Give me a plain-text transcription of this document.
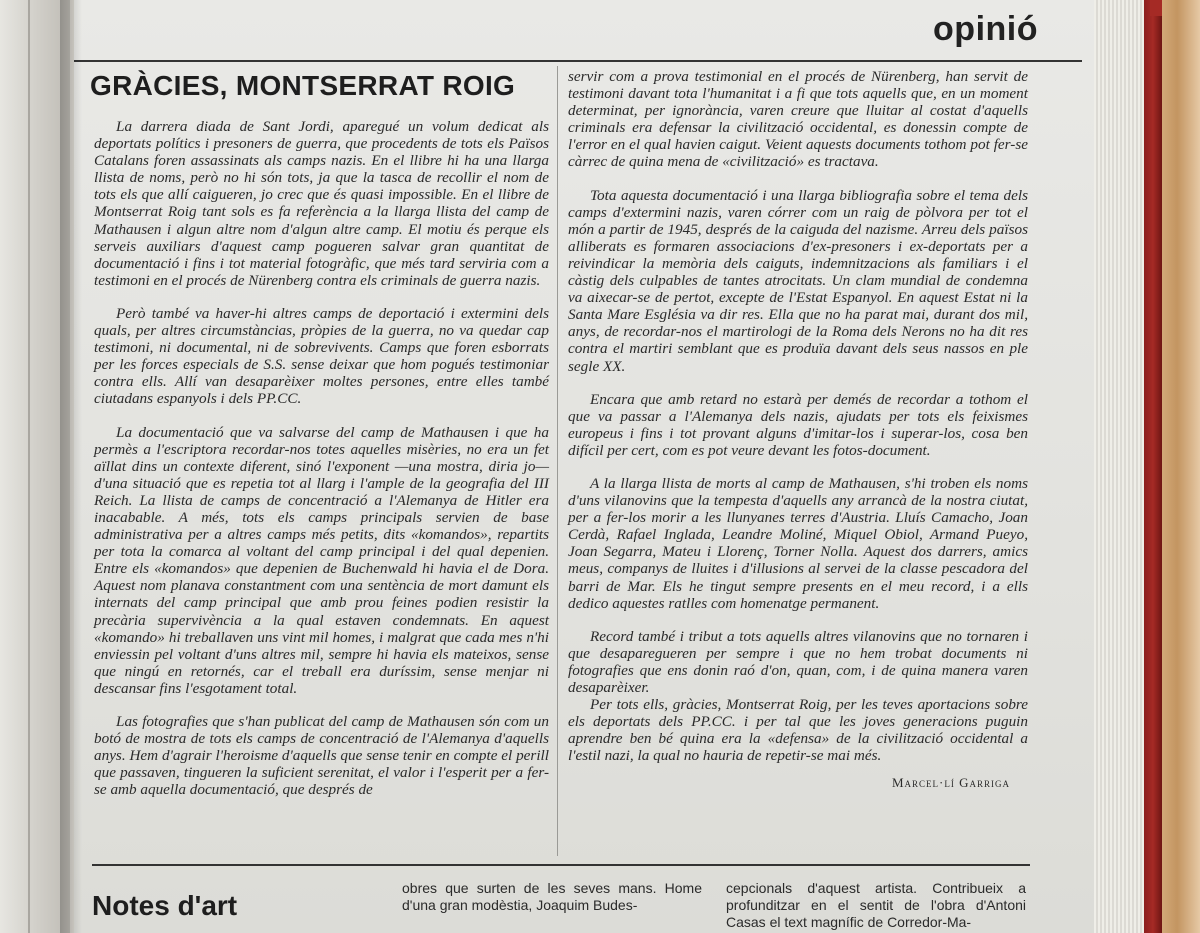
opinió
GRÀCIES, MONTSERRAT ROIG

La darrera diada de Sant Jordi, aparegué un volum dedicat als deportats polítics i presoners de guerra, que procedents de tots els Països Catalans foren assassinats als camps nazis. En el llibre hi ha una llarga llista de noms, però no hi són tots, ja que la tasca de recollir el nom de tots els que allí caigueren, jo crec que és quasi impossible. En el llibre de Montserrat Roig tant sols es fa referència a la llarga llista del camp de Mathausen i algun altre nom d'algun altre camp. El motiu és perque els serveis auxiliars d'aquest camp pogueren salvar gran quantitat de documentació i fins i tot material fotogràfic, que més tard serviria com a testimoni en el procés de Nürenberg contra els criminals de guerra nazis.

Però també va haver-hi altres camps de deportació i extermini dels quals, per altres circumstàncias, pròpies de la guerra, no va quedar cap testimoni, ni documental, ni de sobrevivents. Camps que foren esborrats per les forces especials de S.S. sense deixar que hom pogués testimoniar contra ells. Allí van desaparèixer moltes persones, entre elles també ciutadans espanyols i dels PP.CC.

La documentació que va salvarse del camp de Mathausen i que ha permès a l'escriptora recordar-nos totes aquelles misèries, no era un fet aïllat dins un contexte diferent, sinó l'exponent —una mostra, diria jo— d'una situació que es repetia tot al llarg i l'ample de la geografia del III Reich. La llista de camps de concentració a l'Alemanya de Hitler era inacabable. A més, tots els camps principals servien de base administrativa per a altres camps més petits, dits «komandos», repartits per tota la comarca al voltant del camp principal i del qual depenien. Entre els «komandos» que depenien de Buchenwald hi havia el de Dora. Aquest nom planava constantment com una sentència de mort damunt els internats del camp principal que amb prou feines podien resistir la precària supervivència a la qual estaven condemnats. En aquest «komando» hi treballaven uns vint mil homes, i malgrat que cada mes n'hi enviessin pel voltant d'uns altres mil, sempre hi havia els mateixos, sense que ningú en retornés, car el treball era duríssim, sense menjar ni descansar fins l'esgotament total.

Las fotografies que s'han publicat del camp de Mathausen són com un botó de mostra de tots els camps de concentració de l'Alemanya d'aquells anys. Hem d'agrair l'heroisme d'aquells que sense tenir en compte el perill que passaven, tingueren la suficient serenitat, el valor i l'esperit per a fer-se amb aquella documentació, que després de

servir com a prova testimonial en el procés de Nürenberg, han servit de testimoni davant tota l'humanitat i a fi que tots aquells que, en un moment determinat, per ignorància, varen creure que lluitar al costat d'aquells criminals era defensar la civilització occidental, es donessin compte de l'error en el qual havien caigut. Veient aquests documents tothom pot fer-se càrrec de quina mena de «civilització» es tractava.

Tota aquesta documentació i una llarga bibliografia sobre el tema dels camps d'extermini nazis, varen córrer com un raig de pòlvora per tot el món a partir de 1945, després de la caiguda del nazisme. Arreu dels països alliberats es formaren associacions d'ex-presoners i ex-deportats per a reivindicar la memòria dels caiguts, indemnitzacions als familiars i el càstig dels culpables de tantes atrocitats. Un clam mundial de condemna va aixecar-se de pertot, excepte de l'Estat Espanyol. En aquest Estat ni la Santa Mare Església va dir res. Ella que no ha parat mai, durant dos mil, anys, de recordar-nos el martirologi de la Roma dels Nerons no ha dit res contra el martiri semblant que es produïa davant dels seus nassos en ple segle XX.

Encara que amb retard no estarà per demés de recordar a tothom el que va passar a l'Alemanya dels nazis, ajudats per tots els feixismes europeus i fins i tot provant alguns d'imitar-los i superar-los, cosa ben difícil per cert, com es pot veure devant les fotos-document.

A la llarga llista de morts al camp de Mathausen, s'hi troben els noms d'uns vilanovins que la tempesta d'aquells any arrancà de la nostra ciutat, per a fer-los morir a les llunyanes terres d'Austria. Lluís Camacho, Joan Cerdà, Rafael Inglada, Leandre Moliné, Miquel Obiol, Armand Pueyo, Joan Segarra, Mateu i Llorenç, Torner Nolla. Aquest dos darrers, amics meus, companys de lluites i d'illusions al servei de la classe pescadora del barri de Mar. Els he tingut sempre presents en el meu record, i a ells dedico aquestes ratlles com homenatge permanent.

Record també i tribut a tots aquells altres vilanovins que no tornaren i que desaparegueren per sempre i que no hem trobat documents ni fotografies que ens donin raó d'on, quan, com, i de quina manera varen desaparèixer.

Per tots ells, gràcies, Montserrat Roig, per les teves aportacions sobre els deportats dels PP.CC. i per tal que les joves generacions puguin aprendre ben bé quina era la «defensa» de la civilització occidental a l'estil nazi, la qual no hauria de repetir-se mai més.

Marcel·lí Garriga
Notes d'art
obres que surten de les seves mans. Home d'una gran modèstia, Joaquim Budes-
cepcionals d'aquest artista. Contribueix a profunditzar en el sentit de l'obra d'Antoni Casas el text magnífic de Corredor-Ma-
